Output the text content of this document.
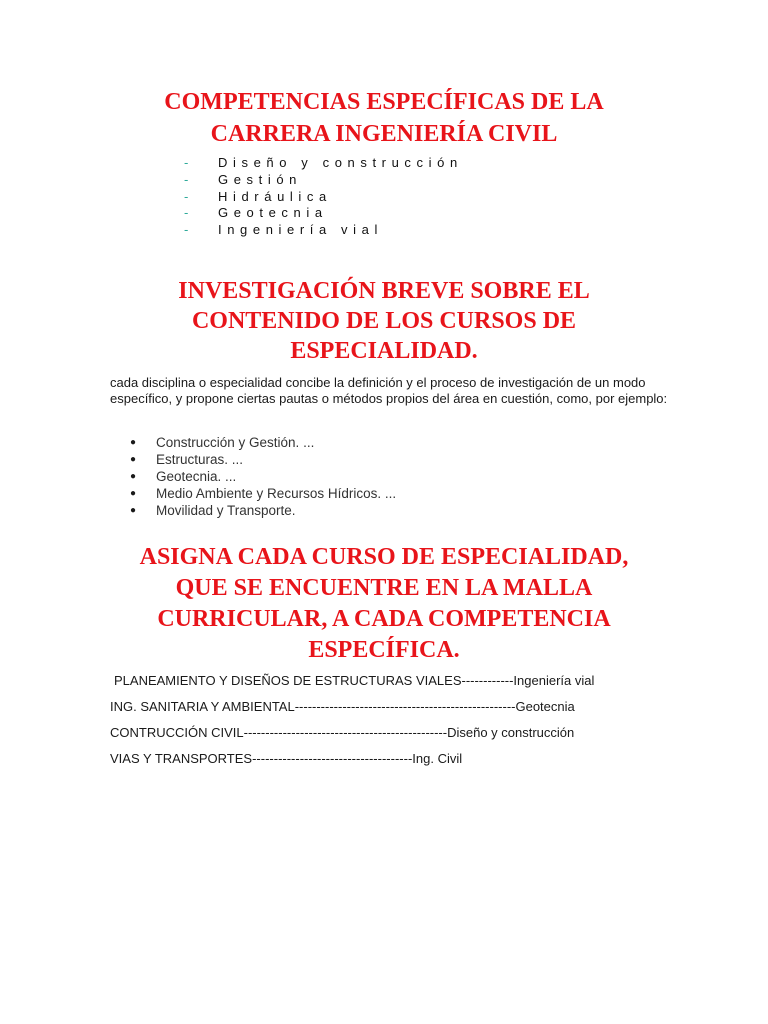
COMPETENCIAS ESPECÍFICAS DE LA
CARRERA INGENIERÍA CIVIL
-	Diseño y construcción
-	Gestión
-	Hidráulica
-	Geotecnia
-	Ingeniería vial
INVESTIGACIÓN BREVE SOBRE EL
CONTENIDO DE LOS CURSOS DE
ESPECIALIDAD.

cada disciplina o especialidad concibe la definición y el proceso de investigación de un modo específico, y propone ciertas pautas o métodos propios del área en cuestión, como, por ejemplo:

●	Construcción y Gestión. ...
●	Estructuras. ...
●	Geotecnia. ...
●	Medio Ambiente y Recursos Hídricos. ...
●	Movilidad y Transporte.
ASIGNA CADA CURSO DE ESPECIALIDAD,
QUE SE ENCUENTRE EN LA MALLA
CURRICULAR, A CADA COMPETENCIA
ESPECÍFICA.

PLANEAMIENTO Y DISEÑOS DE ESTRUCTURAS VIALES------------Ingeniería vial

ING. SANITARIA Y AMBIENTAL---------------------------------------------------Geotecnia

CONTRUCCIÓN CIVIL-----------------------------------------------Diseño y construcción

VIAS Y TRANSPORTES-------------------------------------Ing. Civil
